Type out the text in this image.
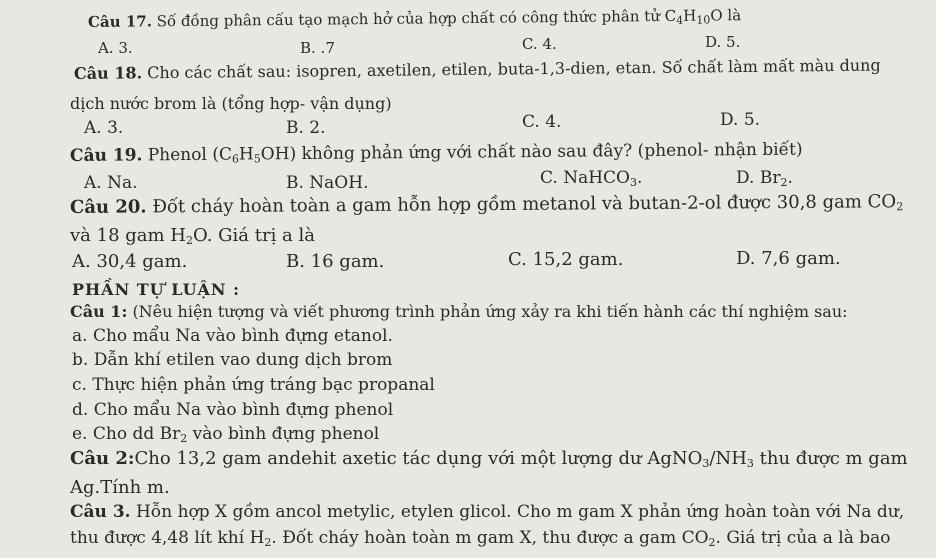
Câu 17. Số đồng phân cấu tạo mạch hở của hợp chất có công thức phân tử $C_4H_{10}O$ là
A. 3.	B. .7	C. 4.	D. 5.
Câu 18. Cho các chất sau: isopren, axetilen, etilen, buta-1,3-dien, etan. Số chất làm mất màu dung
dịch nước brom là (tổng hợp- vận dụng)
A. 3.	B. 2.	C. 4.	D. 5.
Câu 19. Phenol $(C_6H_5OH)$ không phản ứng với chất nào sau đây? (phenol- nhận biết)
A. Na.	B. NaOH.	C. NaHCO$_3$.	D. $Br_2$.
Câu 20. Đốt cháy hoàn toàn a gam hỗn hợp gồm metanol và butan-2-ol được 30,8 gam $CO_2$
và 18 gam $H_2O$. Giá trị a là
A. 30,4 gam.	B. 16 gam.	C. 15,2 gam.	D. 7,6 gam.
PHẦN TỰ LUẬN :
Câu 1: (Nêu hiện tượng và viết phương trình phản ứng xảy ra khi tiến hành các thí nghiệm sau:
a. Cho mẩu Na vào bình đựng etanol.
b. Dẫn khí etilen vao dung dịch brom
c. Thực hiện phản ứng tráng bạc propanal
d. Cho mẩu Na vào bình đựng phenol
e. Cho dd $Br_2$ vào bình đựng phenol
Câu 2:Cho 13,2 gam andehit axetic tác dụng với một lượng dư $AgNO_3/NH_3$ thu được m gam
Ag.Tính m.
Câu 3. Hỗn hợp X gồm ancol metylic, etylen glicol. Cho m gam X phản ứng hoàn toàn với Na dư,
thu được 4,48 lít khí $H_2$. Đốt cháy hoàn toàn m gam X, thu được a gam $CO_2$. Giá trị của a là bao
